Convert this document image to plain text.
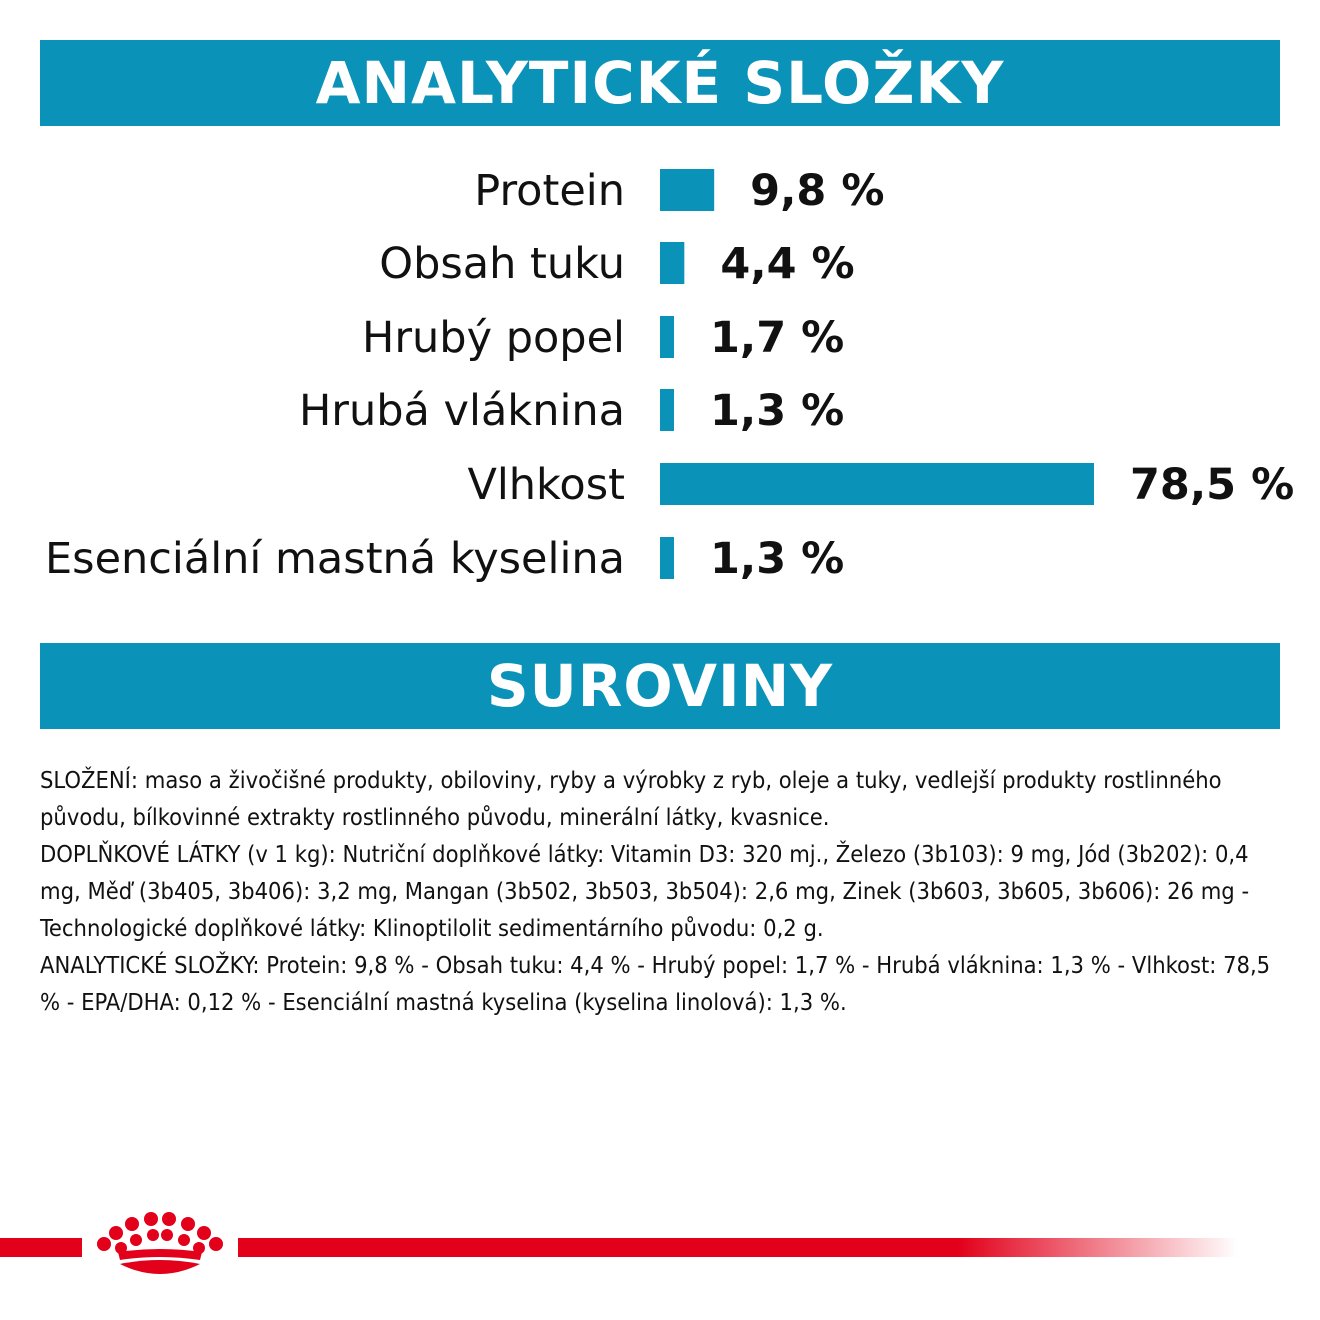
ANALYTICKÉ SLOŽKY
Protein	9,8 %
Obsah tuku 4,4 %
Hrubý popel 1,7 %
Hrubá vláknina 1,3 %
Vlhkost	78,5 %
Esenciální mastná kyselina 1,3 %
SUROVINY

SLOŽENÍ: maso a živočišné produkty, obiloviny, ryby a výrobky z ryb, oleje a tuky, vedlejší produkty rostlinného původu, bílkovinné extrakty rostlinného původu, minerální látky, kvasnice.

DOPLŇKOVÉ LÁTKY (v 1 kg): Nutriční doplňkové látky: Vitamin D3: 320 mj., Železo (3b103): 9 mg, Jód (3b202): 0,4 mg, Měď (3b405, 3b406): 3,2 mg, Mangan (3b502, 3b503, 3b504): 2,6 mg, Zinek (3b603, 3b605, 3b606): 26 mg - Technologické doplňkové látky: Klinoptilolit sedimentárního původu: 0,2 g.

ANALYTICKÉ SLOŽKY: Protein: 9,8 % - Obsah tuku: 4,4 % - Hrubý popel: 1,7 % - Hrubá vláknina: 1,3 % - Vlhkost: 78,5 % - EPA/DHA: 0,12 % - Esenciální mastná kyselina (kyselina linolová): 1,3 %.
